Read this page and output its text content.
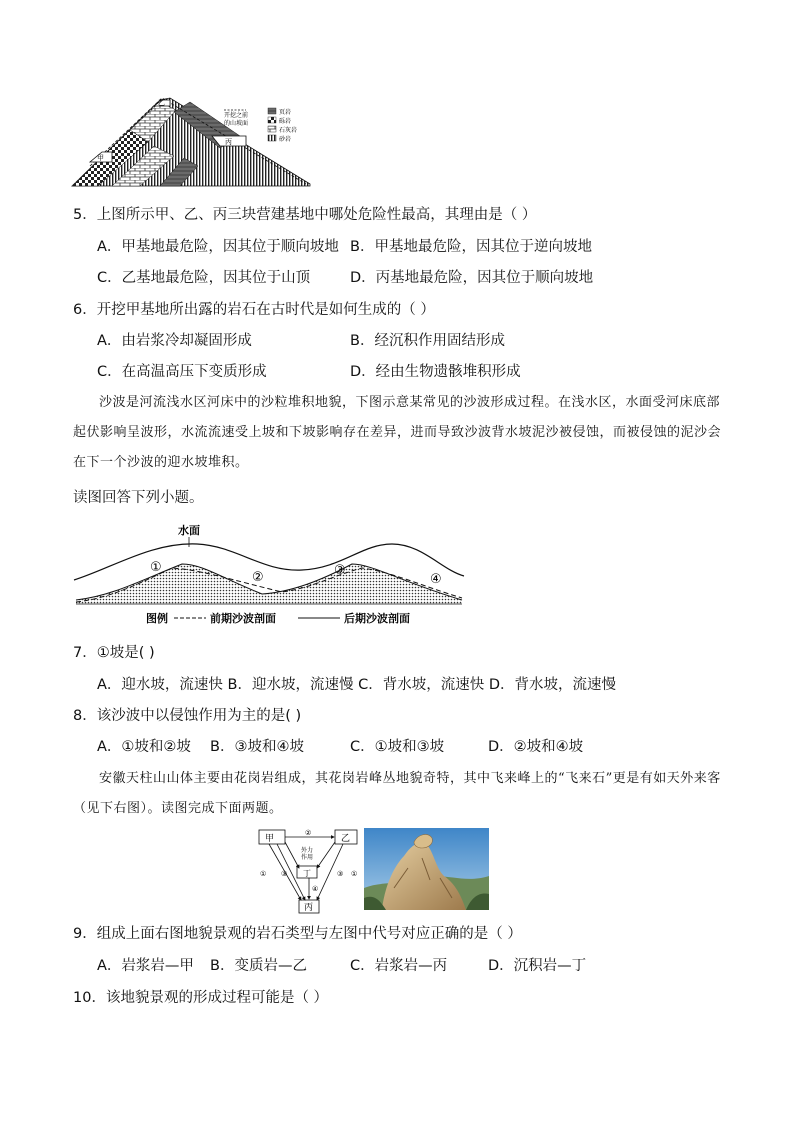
甲
丙
乙
开挖之前
的山坡面
页岩
砾岩
石灰岩
砂岩
5．上图所示甲、乙、丙三块营建基地中哪处危险性最高，其理由是（ ）
A．甲基地最危险，因其位于顺向坡地 B．甲基地最危险，因其位于逆向坡地
C．乙基地最危险，因其位于山顶	D．丙基地最危险，因其位于顺向坡地
6．开挖甲基地所出露的岩石在古时代是如何生成的（ ）
A．由岩浆冷却凝固形成	B．经沉积作用固结形成
C．在高温高压下变质形成	D．经由生物遗骸堆积形成
沙波是河流浅水区河床中的沙粒堆积地貌，下图示意某常见的沙波形成过程。在浅水区，水面受河床底部起伏影响呈波形，水流流速受上坡和下坡影响存在差异，进而导致沙波背水坡泥沙被侵蚀，而被侵蚀的泥沙会在下一个沙波的迎水坡堆积。
读图回答下列小题。
水面
①
②	③
④
图例	前期沙波剖面	后期沙波剖面
7．①坡是( )
A．迎水坡，流速快 B．迎水坡，流速慢 C．背水坡，流速快 D．背水坡，流速慢
8．该沙波中以侵蚀作用为主的是( )
A．①坡和②坡 B．③坡和④坡	C．①坡和③坡	D．②坡和④坡
安徽天柱山山体主要由花岗岩组成，其花岗岩峰丛地貌奇特，其中飞来峰上的“飞来石”更是有如天外来客（见下右图）。读图完成下面两题。
甲	乙
丁
丙
外力
作用
①
②
③
④
③ ①
9．组成上面右图地貌景观的岩石类型与左图中代号对应正确的是（ ）
A．岩浆岩—甲 B．变质岩—乙	C．岩浆岩—丙	D．沉积岩—丁
10．该地貌景观的形成过程可能是（ ）
